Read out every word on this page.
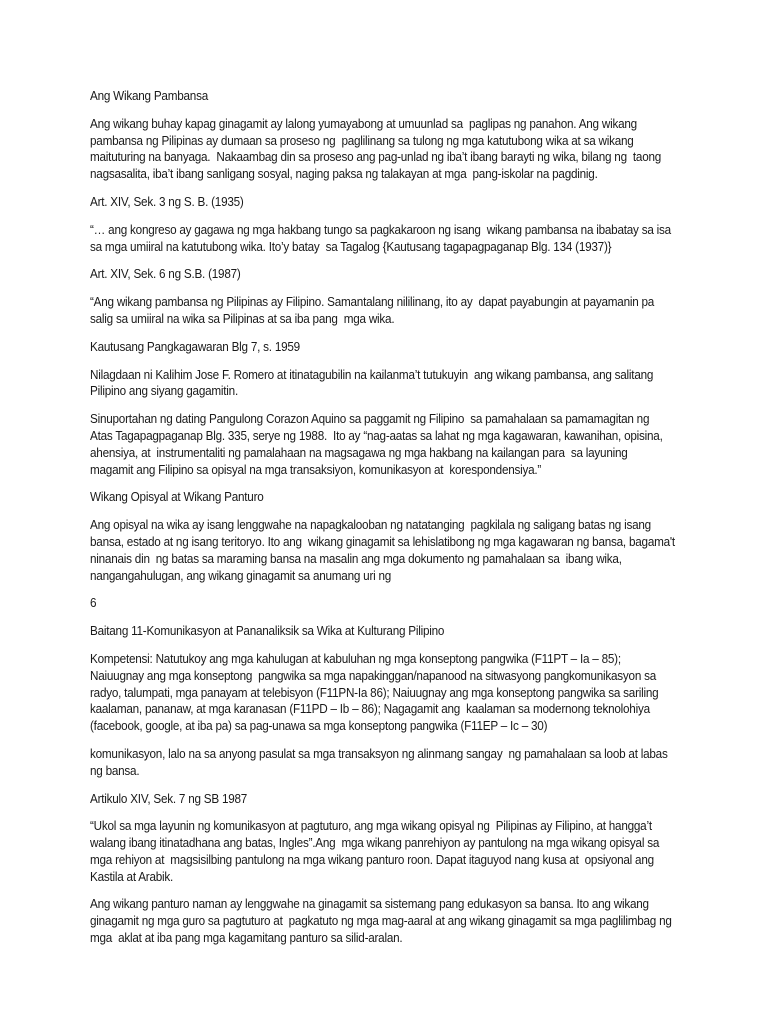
Ang Wikang Pambansa
Ang wikang buhay kapag ginagamit ay lalong yumayabong at umuunlad sa  paglipas ng panahon. Ang wikang
pambansa ng Pilipinas ay dumaan sa proseso ng  paglilinang sa tulong ng mga katutubong wika at sa wikang
maituturing na banyaga.  Nakaambag din sa proseso ang pag-unlad ng iba’t ibang barayti ng wika, bilang ng  taong
nagsasalita, iba’t ibang sanligang sosyal, naging paksa ng talakayan at mga  pang-iskolar na pagdinig.
Art. XIV, Sek. 3 ng S. B. (1935)
“… ang kongreso ay gagawa ng mga hakbang tungo sa pagkakaroon ng isang  wikang pambansa na ibabatay sa isa
sa mga umiiral na katutubong wika. Ito’y batay  sa Tagalog {Kautusang tagapagpaganap Blg. 134 (1937)}
Art. XIV, Sek. 6 ng S.B. (1987)
“Ang wikang pambansa ng Pilipinas ay Filipino. Samantalang nililinang, ito ay  dapat payabungin at payamanin pa
salig sa umiiral na wika sa Pilipinas at sa iba pang  mga wika.
Kautusang Pangkagawaran Blg 7, s. 1959
Nilagdaan ni Kalihim Jose F. Romero at itinatagubilin na kailanma’t tutukuyin  ang wikang pambansa, ang salitang
Pilipino ang siyang gagamitin.
Sinuportahan ng dating Pangulong Corazon Aquino sa paggamit ng Filipino  sa pamahalaan sa pamamagitan ng
Atas Tagapagpaganap Blg. 335, serye ng 1988.  Ito ay “nag-aatas sa lahat ng mga kagawaran, kawanihan, opisina,
ahensiya, at  instrumentaliti ng pamalahaan na magsagawa ng mga hakbang na kailangan para  sa layuning
magamit ang Filipino sa opisyal na mga transaksiyon, komunikasyon at  korespondensiya.”
Wikang Opisyal at Wikang Panturo
Ang opisyal na wika ay isang lenggwahe na napagkalooban ng natatanging  pagkilala ng saligang batas ng isang
bansa, estado at ng isang teritoryo. Ito ang  wikang ginagamit sa lehislatibong ng mga kagawaran ng bansa, bagama't
ninanais din  ng batas sa maraming bansa na masalin ang mga dokumento ng pamahalaan sa  ibang wika,
nangangahulugan, ang wikang ginagamit sa anumang uri ng
6
Baitang 11-Komunikasyon at Pananaliksik sa Wika at Kulturang Pilipino
Kompetensi: Natutukoy ang mga kahulugan at kabuluhan ng mga konseptong pangwika (F11PT – Ia – 85);
Naiuugnay ang mga konseptong  pangwika sa mga napakinggan/napanood na sitwasyong pangkomunikasyon sa
radyo, talumpati, mga panayam at telebisyon (F11PN-Ia 86); Naiuugnay ang mga konseptong pangwika sa sariling
kaalaman, pananaw, at mga karanasan (F11PD – Ib – 86); Nagagamit ang  kaalaman sa modernong teknolohiya
(facebook, google, at iba pa) sa pag-unawa sa mga konseptong pangwika (F11EP – Ic – 30)
komunikasyon, lalo na sa anyong pasulat sa mga transaksyon ng alinmang sangay  ng pamahalaan sa loob at labas
ng bansa.
Artikulo XIV, Sek. 7 ng SB 1987
“Ukol sa mga layunin ng komunikasyon at pagtuturo, ang mga wikang opisyal ng  Pilipinas ay Filipino, at hangga’t
walang ibang itinatadhana ang batas, Ingles”.Ang  mga wikang panrehiyon ay pantulong na mga wikang opisyal sa
mga rehiyon at  magsisilbing pantulong na mga wikang panturo roon. Dapat itaguyod nang kusa at  opsiyonal ang
Kastila at Arabik.
Ang wikang panturo naman ay lenggwahe na ginagamit sa sistemang pang edukasyon sa bansa. Ito ang wikang
ginagamit ng mga guro sa pagtuturo at  pagkatuto ng mga mag-aaral at ang wikang ginagamit sa mga paglilimbag ng
mga  aklat at iba pang mga kagamitang panturo sa silid-aralan.
